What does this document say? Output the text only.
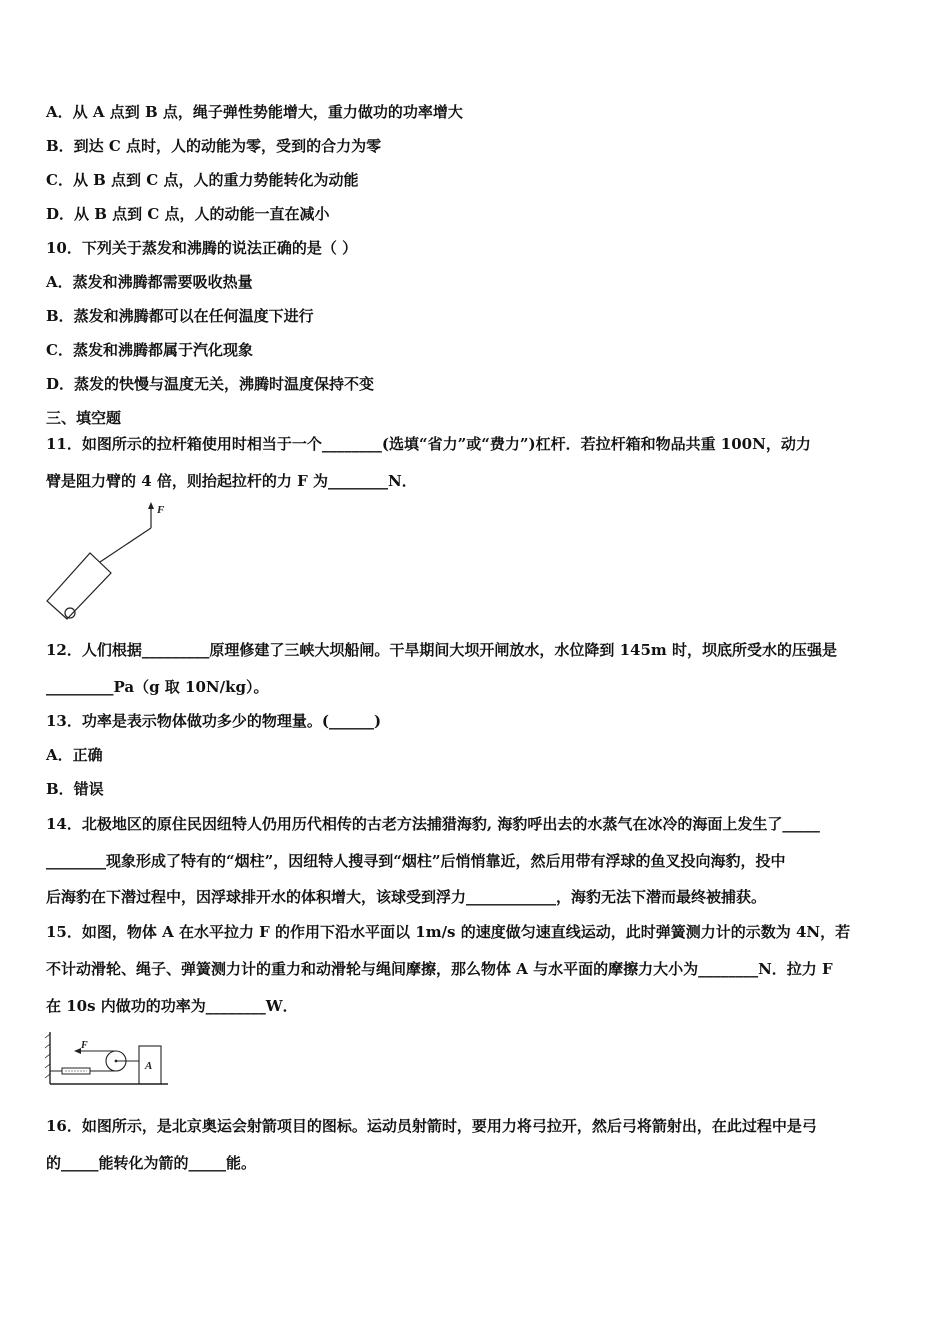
A．从 A 点到 B 点，绳子弹性势能增大，重力做功的功率增大
B．到达 C 点时，人的动能为零，受到的合力为零
C．从 B 点到 C 点，人的重力势能转化为动能
D．从 B 点到 C 点，人的动能一直在减小
10．下列关于蒸发和沸腾的说法正确的是（ ）
A．蒸发和沸腾都需要吸收热量
B．蒸发和沸腾都可以在任何温度下进行
C．蒸发和沸腾都属于汽化现象
D．蒸发的快慢与温度无关，沸腾时温度保持不变
三、填空题
11．如图所示的拉杆箱使用时相当于一个________(选填“省力”或“费力”)杠杆．若拉杆箱和物品共重 100N，动力
臂是阻力臂的 4 倍，则抬起拉杆的力 F 为________N．
F
12．人们根据_________原理修建了三峡大坝船闸。干旱期间大坝开闸放水，水位降到 145m 时，坝底所受水的压强是
_________Pa（g 取 10N/kg）。
13．功率是表示物体做功多少的物理量。(______)
A．正确
B．错误
14．北极地区的原住民因纽特人仍用历代相传的古老方法捕猎海豹, 海豹呼出去的水蒸气在冰冷的海面上发生了_____
________现象形成了特有的“烟柱”，因纽特人搜寻到“烟柱”后悄悄靠近，然后用带有浮球的鱼叉投向海豹，投中
后海豹在下潜过程中，因浮球排开水的体积增大，该球受到浮力____________，海豹无法下潜而最终被捕获。
15．如图，物体 A 在水平拉力 F 的作用下沿水平面以 1m/s 的速度做匀速直线运动，此时弹簧测力计的示数为 4N，若
不计动滑轮、绳子、弹簧测力计的重力和动滑轮与绳间摩擦，那么物体 A 与水平面的摩擦力大小为________N．拉力 F
在 10s 内做功的功率为________W．
F
A
16．如图所示，是北京奥运会射箭项目的图标。运动员射箭时，要用力将弓拉开，然后弓将箭射出，在此过程中是弓
的_____能转化为箭的_____能。
